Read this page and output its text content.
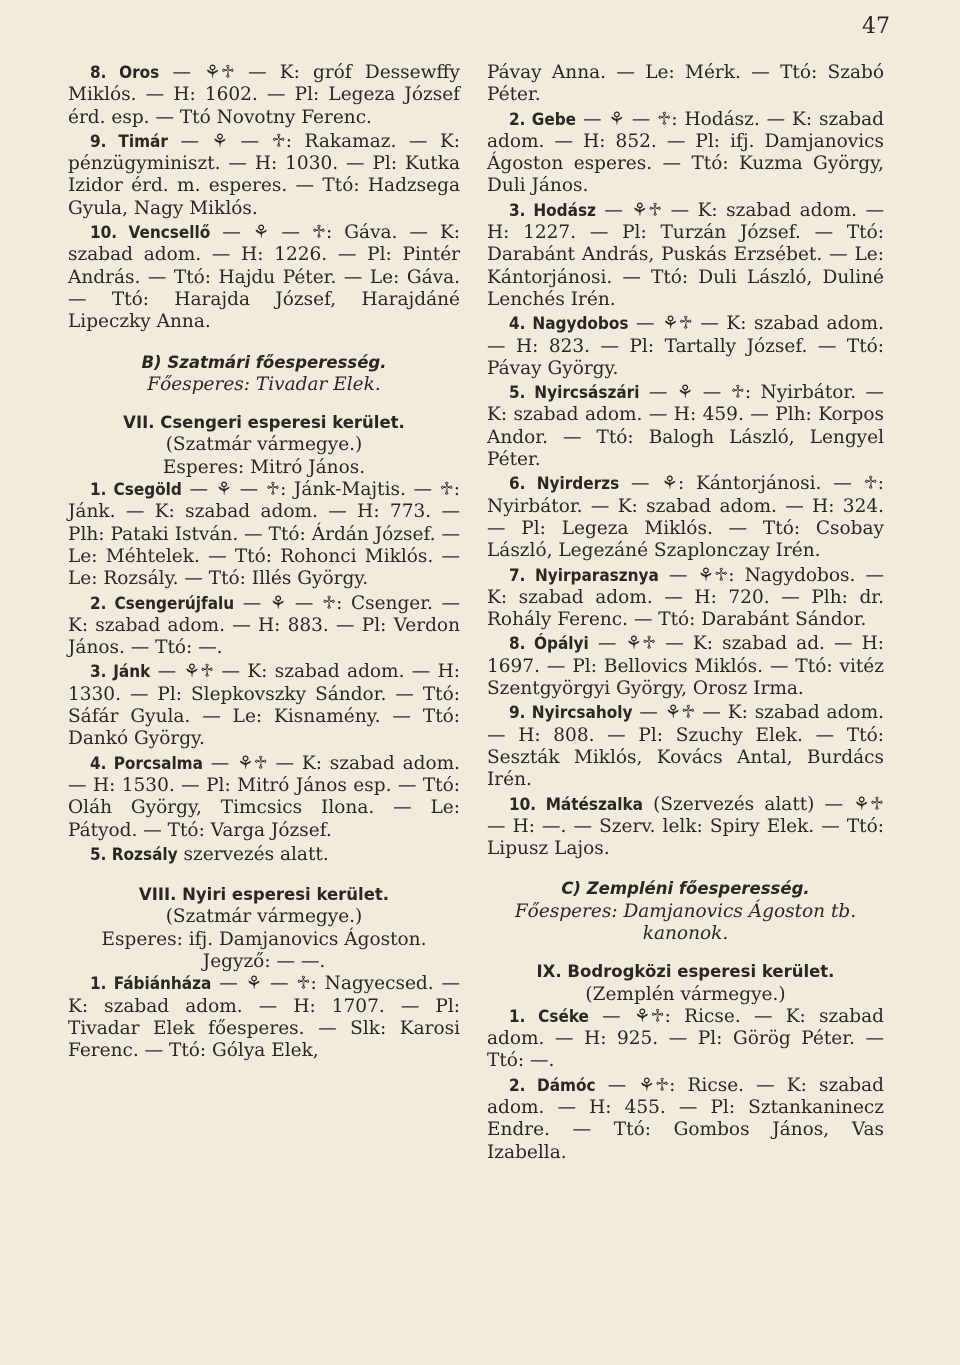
47

8. Oros — ⚘♱ — K: gróf Dessewffy Miklós. — H: 1602. — Pl: Legeza József érd. esp. — Ttó Novotny Ferenc.

9. Timár — ⚘ — ♱: Rakamaz. — K: pénzügyminiszt. — H: 1030. — Pl: Kutka Izidor érd. m. esperes. — Ttó: Hadzsega Gyula, Nagy Miklós.

10. Vencsellő — ⚘ — ♱: Gáva. — K: szabad adom. — H: 1226. — Pl: Pintér András. — Ttó: Hajdu Péter. — Le: Gáva. — Ttó: Harajda József, Harajdáné Lipeczky Anna.

B) Szatmári főesperesség.

Főesperes: Tivadar Elek.

VII. Csengeri esperesi kerület.

(Szatmár vármegye.)

Esperes: Mitró János.

1. Csegöld — ⚘ — ♱: Jánk-Majtis. — ♱: Jánk. — K: szabad adom. — H: 773. — Plh: Pataki István. — Ttó: Árdán József. — Le: Méhtelek. — Ttó: Rohonci Miklós. — Le: Rozsály. — Ttó: Illés György.

2. Csengerújfalu — ⚘ — ♱: Csenger. — K: szabad adom. — H: 883. — Pl: Verdon János. — Ttó: —.

3. Jánk — ⚘♱ — K: szabad adom. — H: 1330. — Pl: Slepkovszky Sándor. — Ttó: Sáfár Gyula. — Le: Kisnamény. — Ttó: Dankó György.

4. Porcsalma — ⚘♱ — K: szabad adom. — H: 1530. — Pl: Mitró János esp. — Ttó: Oláh György, Timcsics Ilona. — Le: Pátyod. — Ttó: Varga József.

5. Rozsály szervezés alatt.

VIII. Nyiri esperesi kerület.

(Szatmár vármegye.)

Esperes: ifj. Damjanovics Ágoston.

Jegyző: — —.

1. Fábiánháza — ⚘ — ♱: Nagyecsed. — K: szabad adom. — H: 1707. — Pl: Tivadar Elek főesperes. — Slk: Karosi Ferenc. — Ttó: Gólya Elek,

Pávay Anna. — Le: Mérk. — Ttó: Szabó Péter.

2. Gebe — ⚘ — ♱: Hodász. — K: szabad adom. — H: 852. — Pl: ifj. Damjanovics Ágoston esperes. — Ttó: Kuzma György, Duli János.

3. Hodász — ⚘♱ — K: szabad adom. — H: 1227. — Pl: Turzán József. — Ttó: Darabánt András, Puskás Erzsébet. — Le: Kántorjánosi. — Ttó: Duli László, Duliné Lenchés Irén.

4. Nagydobos — ⚘♱ — K: szabad adom. — H: 823. — Pl: Tartally József. — Ttó: Pávay György.

5. Nyircsászári — ⚘ — ♱: Nyirbátor. — K: szabad adom. — H: 459. — Plh: Korpos Andor. — Ttó: Balogh László, Lengyel Péter.

6. Nyirderzs — ⚘: Kántorjánosi. — ♱: Nyirbátor. — K: szabad adom. — H: 324. — Pl: Legeza Miklós. — Ttó: Csobay László, Legezáné Szaplonczay Irén.

7. Nyirparasznya — ⚘♱: Nagydobos. — K: szabad adom. — H: 720. — Plh: dr. Rohály Ferenc. — Ttó: Darabánt Sándor.

8. Ópályi — ⚘♱ — K: szabad ad. — H: 1697. — Pl: Bellovics Miklós. — Ttó: vitéz Szentgyörgyi György, Orosz Irma.

9. Nyircsaholy — ⚘♱ — K: szabad adom. — H: 808. — Pl: Szuchy Elek. — Ttó: Seszták Miklós, Kovács Antal, Burdács Irén.

10. Mátészalka (Szervezés alatt) — ⚘♱ — H: —. — Szerv. lelk: Spiry Elek. — Ttó: Lipusz Lajos.

C) Zempléni főesperesség.

Főesperes: Damjanovics Ágoston tb. kanonok.

IX. Bodrogközi esperesi kerület.

(Zemplén vármegye.)

1. Cséke — ⚘♱: Ricse. — K: szabad adom. — H: 925. — Pl: Görög Péter. — Ttó: —.

2. Dámóc — ⚘♱: Ricse. — K: szabad adom. — H: 455. — Pl: Sztankaninecz Endre. — Ttó: Gombos János, Vas Izabella.
